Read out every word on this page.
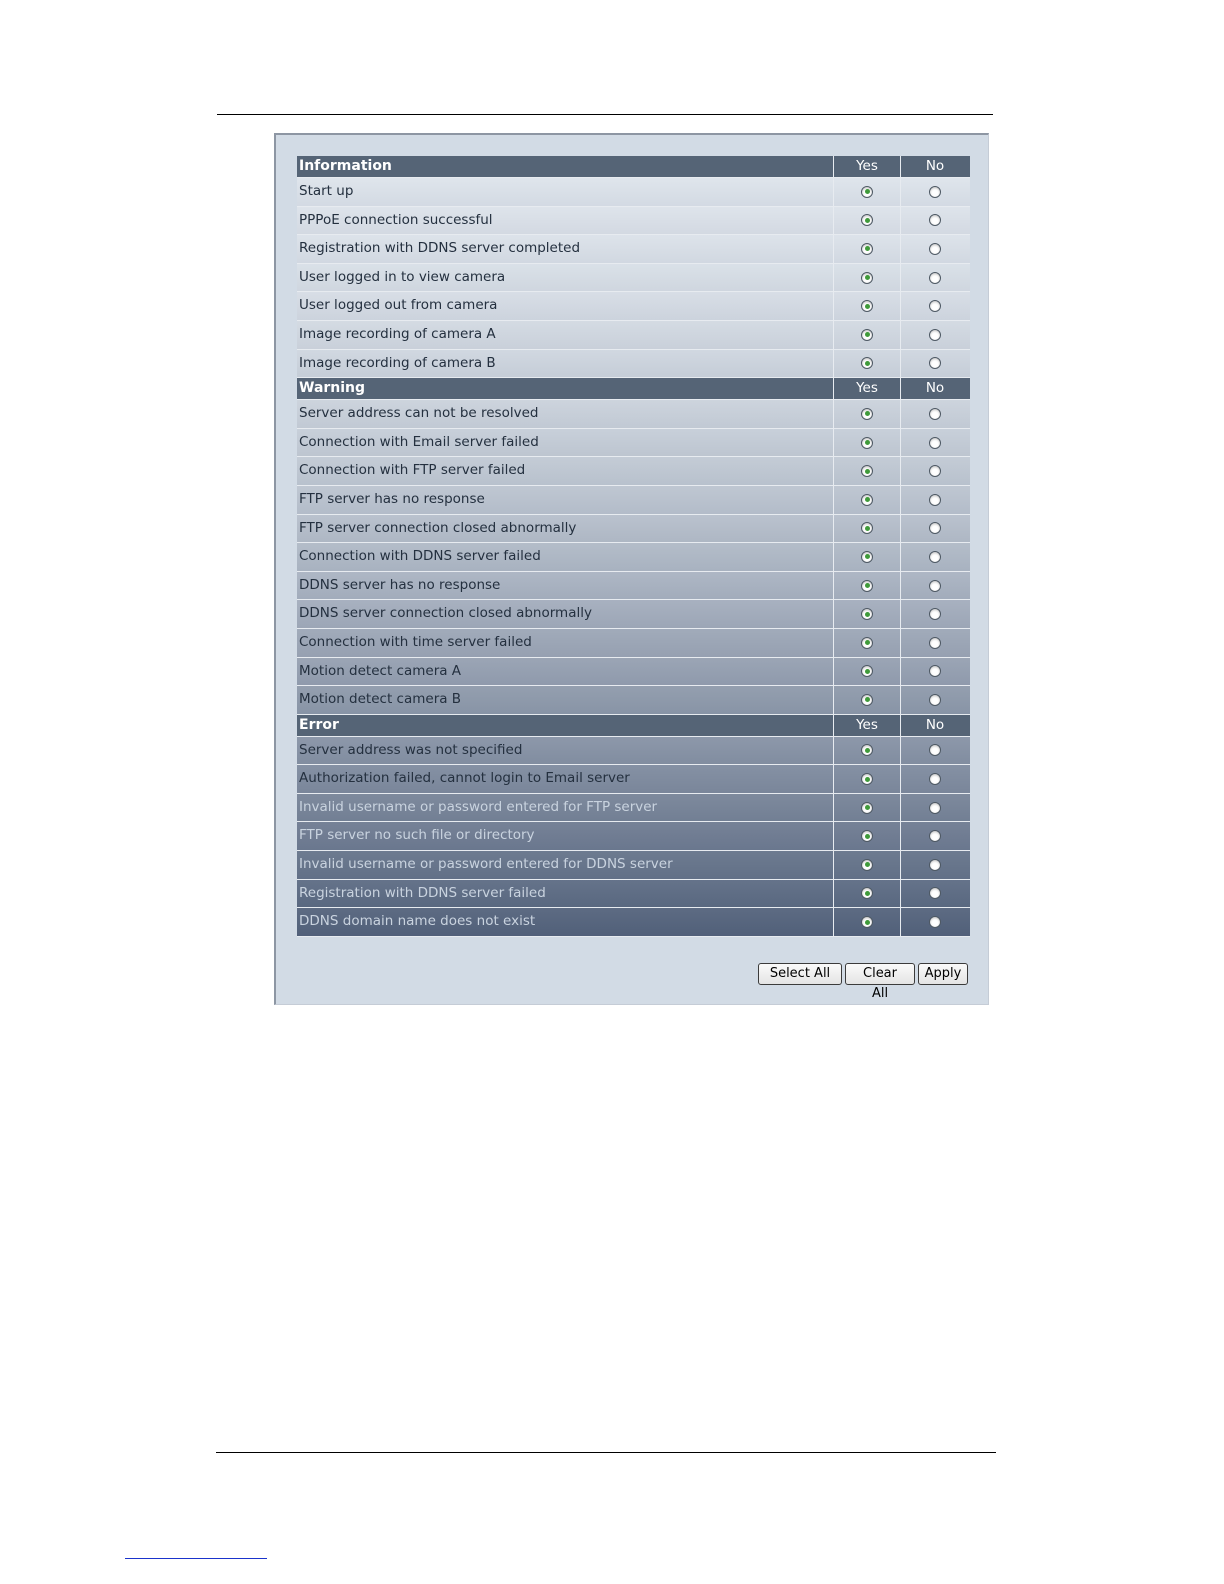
Information	Yes	No
Start up
PPPoE connection successful
Registration with DDNS server completed
User logged in to view camera
User logged out from camera
Image recording of camera A
Image recording of camera B
Warning	Yes	No
Server address can not be resolved
Connection with Email server failed
Connection with FTP server failed
FTP server has no response
FTP server connection closed abnormally
Connection with DDNS server failed
DDNS server has no response
DDNS server connection closed abnormally
Connection with time server failed
Motion detect camera A
Motion detect camera B
Error	Yes	No
Server address was not specified
Authorization failed, cannot login to Email server
Invalid username or password entered for FTP server
FTP server no such file or directory
Invalid username or password entered for DDNS server
Registration with DDNS server failed
DDNS domain name does not exist
Select All	Clear All
Apply
